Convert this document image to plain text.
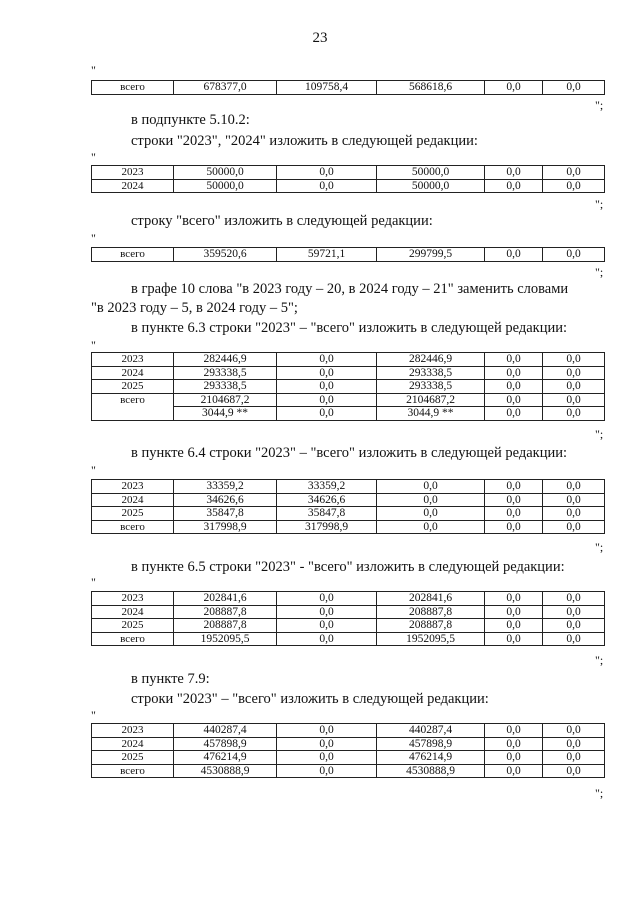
23
"
всего	678377,0	109758,4	568618,6	0,0	0,0
";
в подпункте 5.10.2:
строки "2023", "2024" изложить в следующей редакции:
"
2023	50000,0	0,0	50000,0	0,0	0,0
2024	50000,0	0,0	50000,0	0,0	0,0
";
строку "всего" изложить в следующей редакции:
"
всего	359520,6	59721,1	299799,5	0,0	0,0
";
в графе 10 слова "в 2023 году – 20, в 2024 году – 21" заменить словами
"в 2023 году – 5, в 2024 году – 5";
в пункте 6.3 строки "2023" – "всего" изложить в следующей редакции:
"
2023	282446,9	0,0	282446,9	0,0	0,0
2024	293338,5	0,0	293338,5	0,0	0,0
2025	293338,5	0,0	293338,5	0,0	0,0
всего	2104687,2	0,0	2104687,2	0,0	0,0
	3044,9 **	0,0	3044,9 **	0,0	0,0
";
в пункте 6.4 строки "2023" – "всего" изложить в следующей редакции:
"
2023	33359,2	33359,2	0,0	0,0	0,0
2024	34626,6	34626,6	0,0	0,0	0,0
2025	35847,8	35847,8	0,0	0,0	0,0
всего	317998,9	317998,9	0,0	0,0	0,0
";
в пункте 6.5 строки "2023" - "всего" изложить в следующей редакции:
"
2023	202841,6	0,0	202841,6	0,0	0,0
2024	208887,8	0,0	208887,8	0,0	0,0
2025	208887,8	0,0	208887,8	0,0	0,0
всего	1952095,5	0,0	1952095,5	0,0	0,0
";
в пункте 7.9:
строки "2023" – "всего" изложить в следующей редакции:
"
2023	440287,4	0,0	440287,4	0,0	0,0
2024	457898,9	0,0	457898,9	0,0	0,0
2025	476214,9	0,0	476214,9	0,0	0,0
всего	4530888,9	0,0	4530888,9	0,0	0,0
";
